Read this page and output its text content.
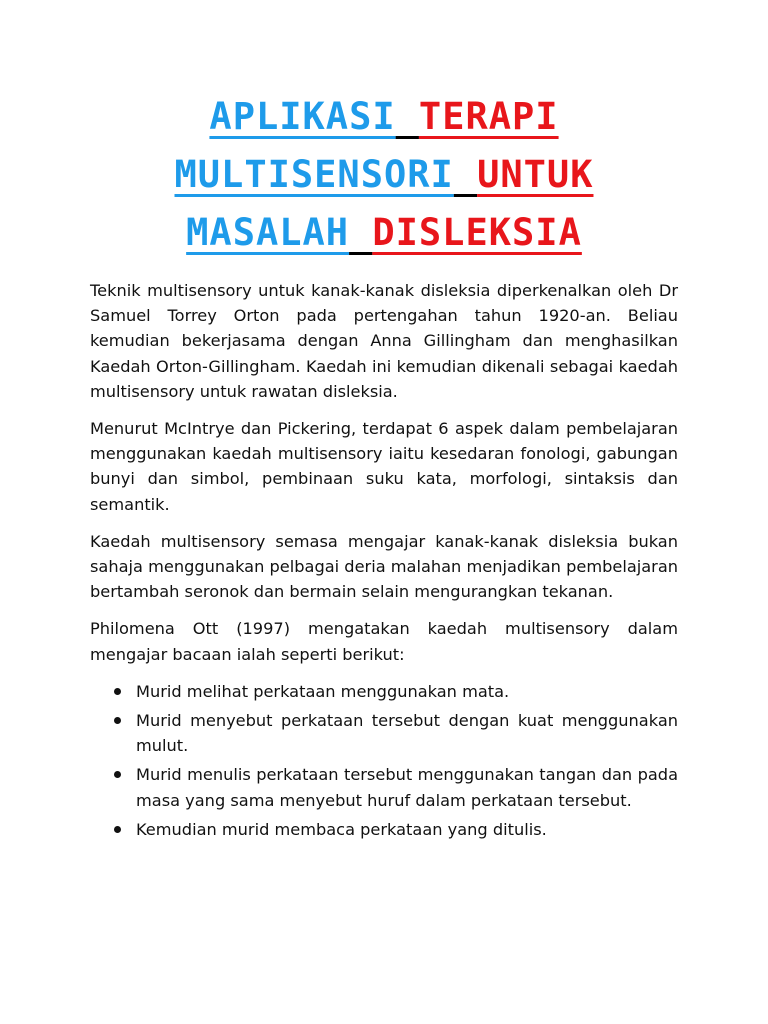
APLIKASI TERAPI
MULTISENSORI UNTUK
MASALAH DISLEKSIA

Teknik multisensory untuk kanak-kanak disleksia diperkenalkan oleh Dr Samuel Torrey Orton pada pertengahan tahun 1920-an. Beliau kemudian bekerjasama dengan Anna Gillingham dan menghasilkan Kaedah Orton-Gillingham. Kaedah ini kemudian dikenali sebagai kaedah multisensory untuk rawatan disleksia.

Menurut McIntrye dan Pickering, terdapat 6 aspek dalam pembelajaran menggunakan kaedah multisensory iaitu kesedaran fonologi, gabungan bunyi dan simbol, pembinaan suku kata, morfologi, sintaksis dan semantik.

Kaedah multisensory semasa mengajar kanak-kanak disleksia bukan sahaja menggunakan pelbagai deria malahan menjadikan pembelajaran bertambah seronok dan bermain selain mengurangkan tekanan.

Philomena Ott (1997) mengatakan kaedah multisensory dalam mengajar bacaan ialah seperti berikut:

Murid melihat perkataan menggunakan mata.
Murid menyebut perkataan tersebut dengan kuat menggunakan mulut.
Murid menulis perkataan tersebut menggunakan tangan dan pada masa yang sama menyebut huruf dalam perkataan tersebut.
Kemudian murid membaca perkataan yang ditulis.
